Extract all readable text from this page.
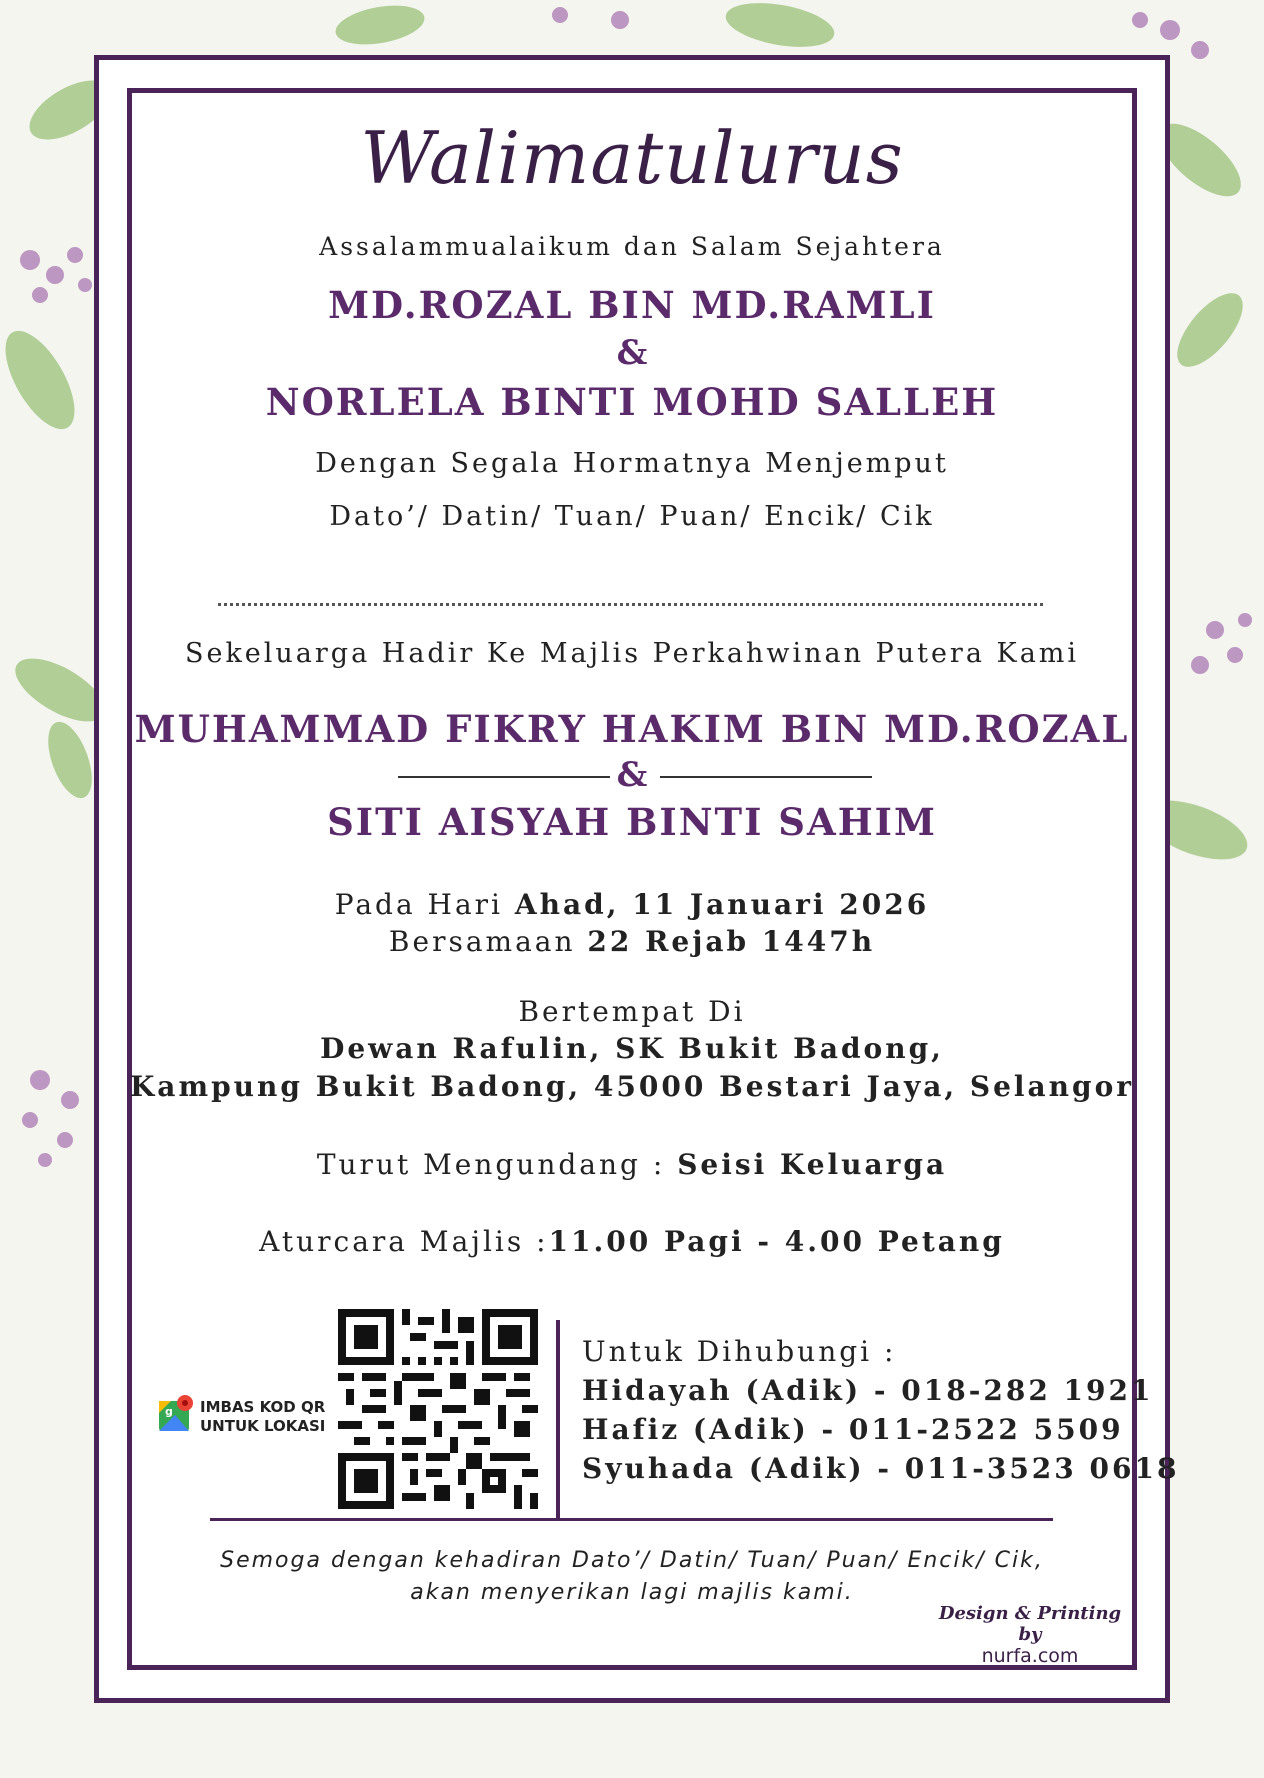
Walimatulurus
Assalammualaikum dan Salam Sejahtera
MD.ROZAL BIN MD.RAMLI
&
NORLELA BINTI MOHD SALLEH
Dengan Segala Hormatnya Menjemput
Dato’/ Datin/ Tuan/ Puan/ Encik/ Cik
Sekeluarga Hadir Ke Majlis Perkahwinan Putera Kami
MUHAMMAD FIKRY HAKIM BIN MD.ROZAL
&
SITI AISYAH BINTI SAHIM
Pada Hari Ahad, 11 Januari 2026
Bersamaan 22 Rejab 1447h
Bertempat Di
Dewan Rafulin, SK Bukit Badong,
Kampung Bukit Badong, 45000 Bestari Jaya, Selangor
Turut Mengundang : Seisi Keluarga
Aturcara Majlis :11.00 Pagi - 4.00 Petang
g IMBAS KOD QR
UNTUK LOKASI
Untuk Dihubungi :
Hidayah (Adik) - 018-282 1921
Hafiz (Adik) - 011-2522 5509
Syuhada (Adik) - 011-3523 0618
Semoga dengan kehadiran Dato’/ Datin/ Tuan/ Puan/ Encik/ Cik,
akan menyerikan lagi majlis kami.
Design & Printing by
nurfa.com
